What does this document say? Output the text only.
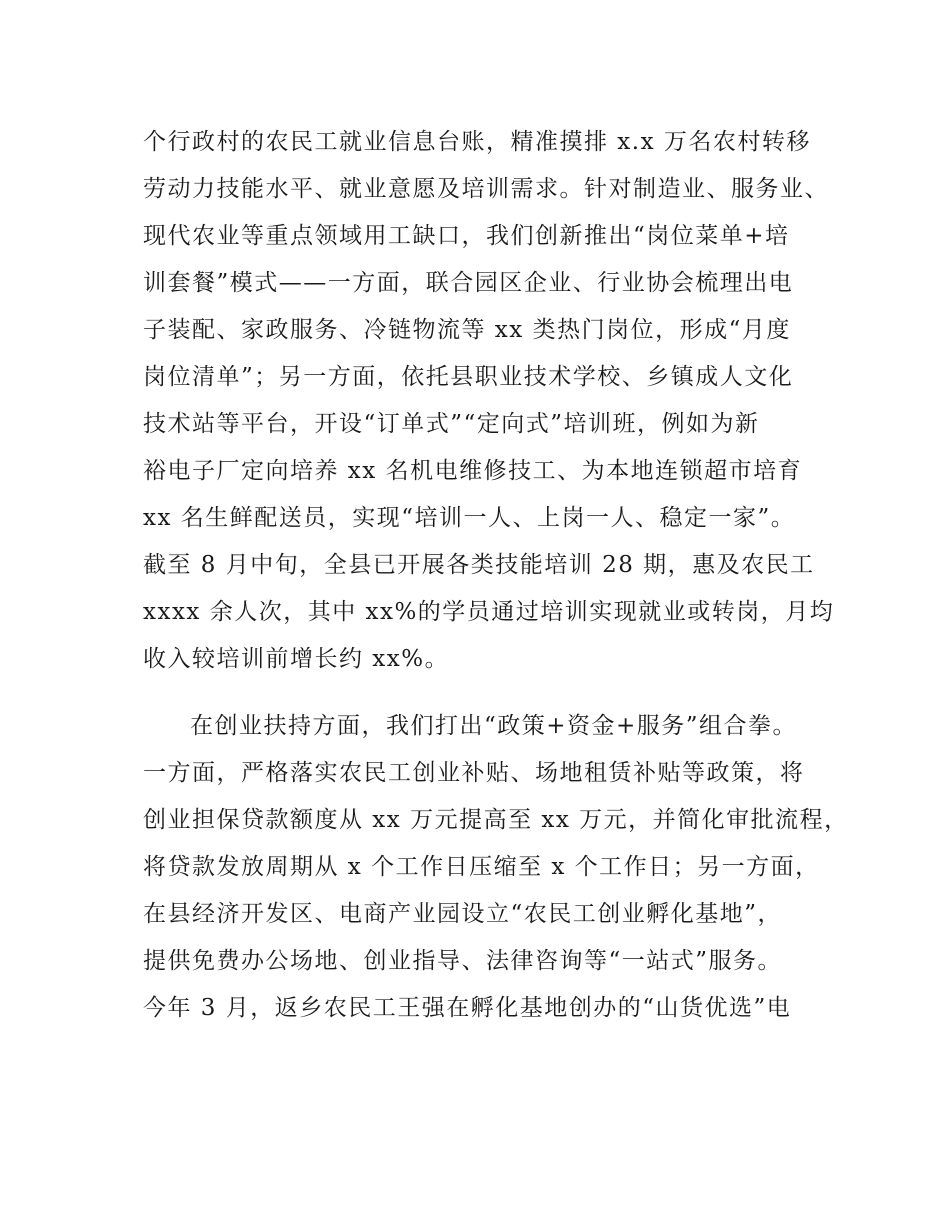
个行政村的农民工就业信息台账，精准摸排 x.x 万名农村转移
劳动力技能水平、就业意愿及培训需求。针对制造业、服务业、
现代农业等重点领域用工缺口，我们创新推出“岗位菜单+培
训套餐”模式——一方面，联合园区企业、行业协会梳理出电
子装配、家政服务、冷链物流等 xx 类热门岗位，形成“月度
岗位清单”；另一方面，依托县职业技术学校、乡镇成人文化
技术站等平台，开设“订单式”“定向式”培训班，例如为新
裕电子厂定向培养 xx 名机电维修技工、为本地连锁超市培育
xx 名生鲜配送员，实现“培训一人、上岗一人、稳定一家”。
截至 8 月中旬，全县已开展各类技能培训 28 期，惠及农民工
xxxx 余人次，其中 xx%的学员通过培训实现就业或转岗，月均
收入较培训前增长约 xx%。
在创业扶持方面，我们打出“政策+资金+服务”组合拳。
一方面，严格落实农民工创业补贴、场地租赁补贴等政策，将
创业担保贷款额度从 xx 万元提高至 xx 万元，并简化审批流程，
将贷款发放周期从 x 个工作日压缩至 x 个工作日；另一方面，
在县经济开发区、电商产业园设立“农民工创业孵化基地”，
提供免费办公场地、创业指导、法律咨询等“一站式”服务。
今年 3 月，返乡农民工王强在孵化基地创办的“山货优选”电
